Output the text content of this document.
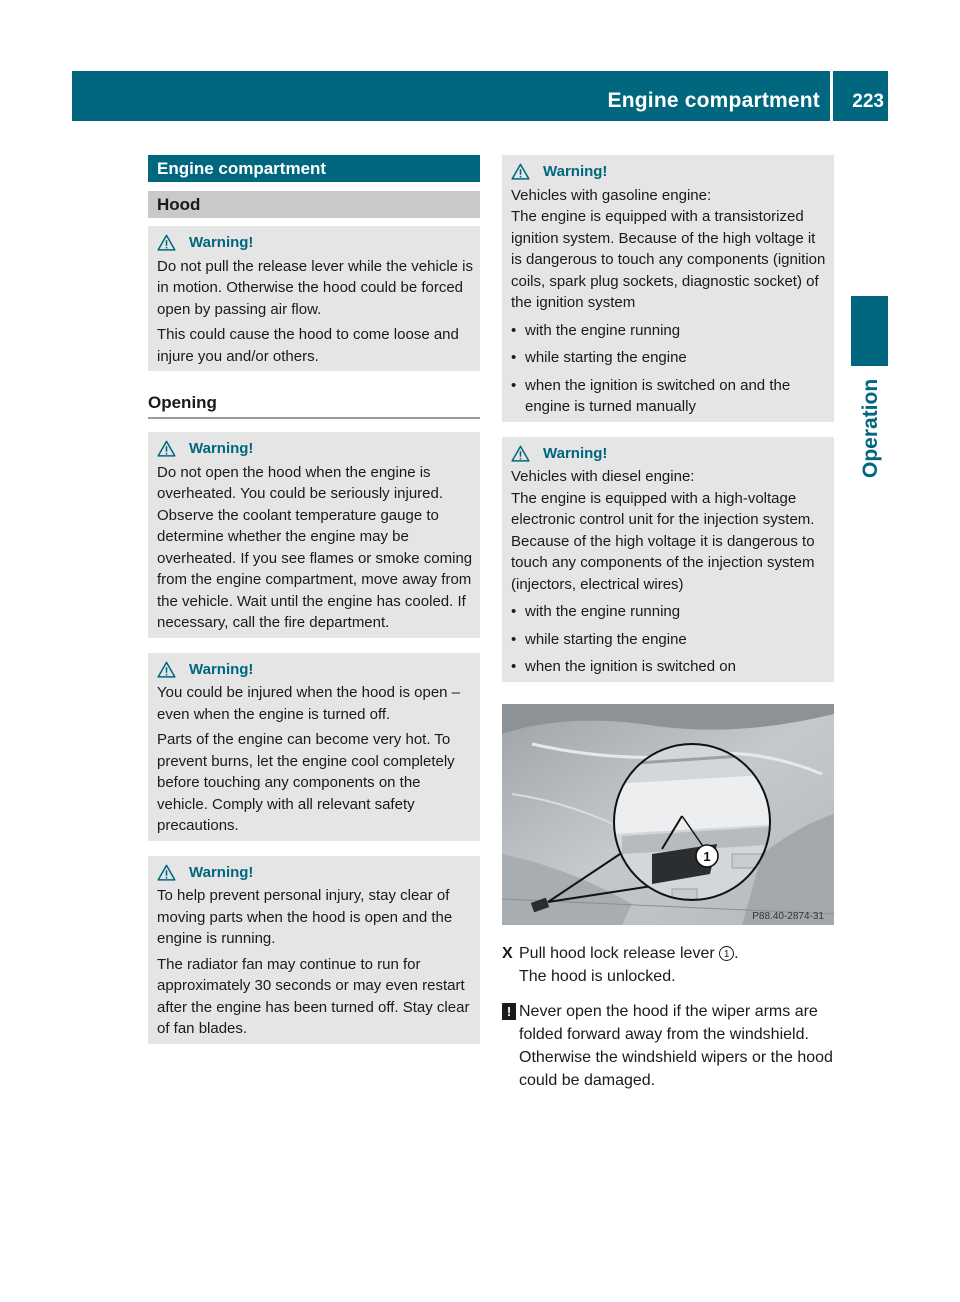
Engine compartment 223
Operation
Engine compartment
Hood
Warning!

Do not pull the release lever while the vehicle is in motion. Otherwise the hood could be forced open by passing air flow.

This could cause the hood to come loose and injure you and/or others.

Opening
Warning!

Do not open the hood when the engine is overheated. You could be seriously injured. Observe the coolant temperature gauge to determine whether the engine may be overheated. If you see flames or smoke coming from the engine compartment, move away from the vehicle. Wait until the engine has cooled. If necessary, call the fire department.

Warning!

You could be injured when the hood is open – even when the engine is turned off.

Parts of the engine can become very hot. To prevent burns, let the engine cool completely before touching any components on the vehicle. Comply with all relevant safety precautions.

Warning!

To help prevent personal injury, stay clear of moving parts when the hood is open and the engine is running.

The radiator fan may continue to run for approximately 30 seconds or may even restart after the engine has been turned off. Stay clear of fan blades.

Warning!

Vehicles with gasoline engine:

The engine is equipped with a transistorized ignition system. Because of the high voltage it is dangerous to touch any components (ignition coils, spark plug sockets, diagnostic socket) of the ignition system

• with the engine running
• while starting the engine
• when the ignition is switched on and the engine is turned manually
Warning!

Vehicles with diesel engine:

The engine is equipped with a high-voltage electronic control unit for the injection system. Because of the high voltage it is dangerous to touch any components of the injection system (injectors, electrical wires)

• with the engine running
• while starting the engine
• when the ignition is switched on
1
P88.40-2874-31
X Pull hood lock release lever 1 .
The hood is unlocked.
! Never open the hood if the wiper arms are folded forward away from the windshield. Otherwise the windshield wipers or the hood could be damaged.
